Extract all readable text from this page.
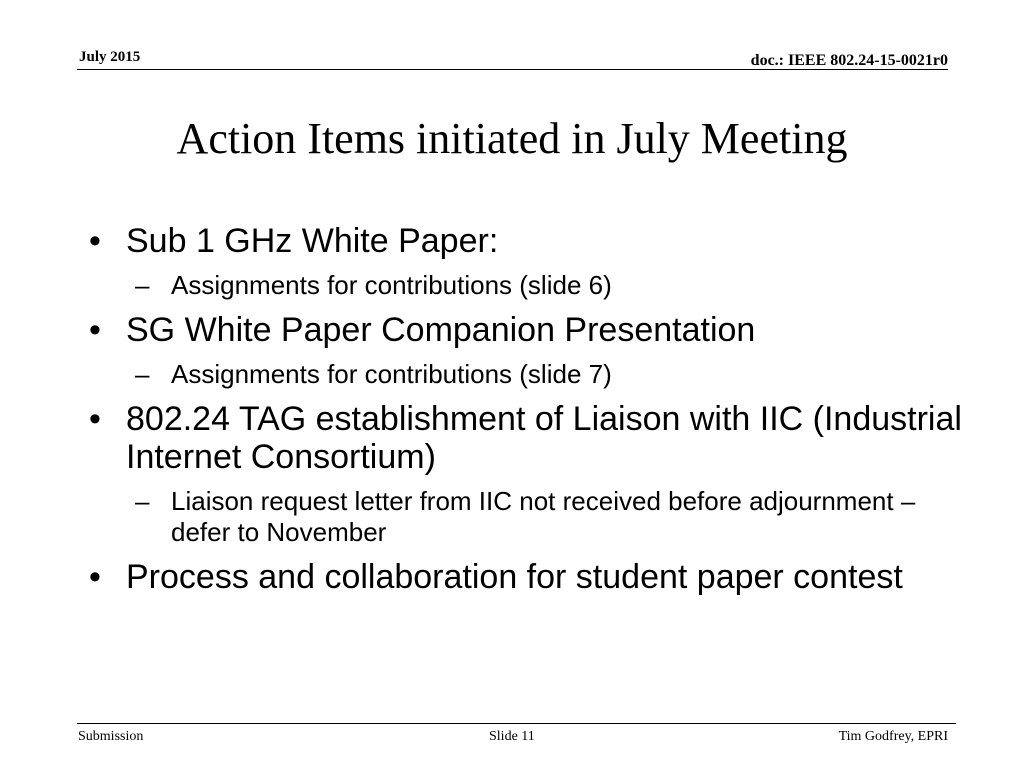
July 2015	doc.: IEEE 802.24-15-0021r0
Action Items initiated in July Meeting
• Sub 1 GHz White Paper:
– Assignments for contributions (slide 6)
• SG White Paper Companion Presentation
– Assignments for contributions (slide 7)
• 802.24 TAG establishment of Liaison with IIC (Industrial Internet Consortium)
– Liaison request letter from IIC not received before adjournment – defer to November
• Process and collaboration for student paper contest
Submission	Slide 11	Tim Godfrey, EPRI
